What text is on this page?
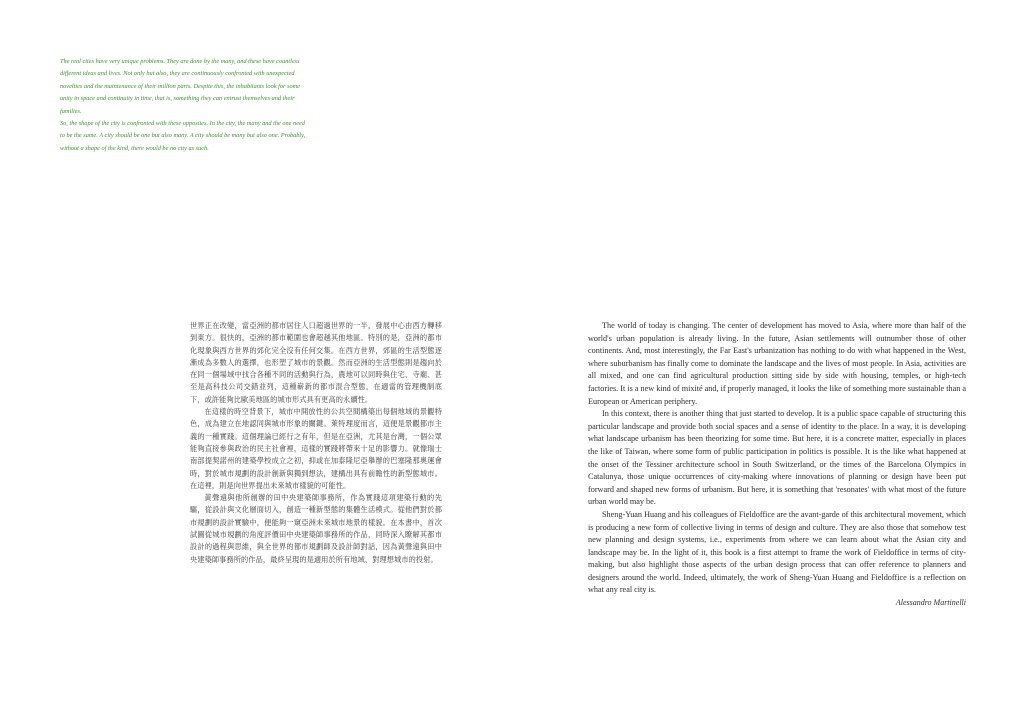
The real cites have very unique problems. They are done by the many, and these have countless different ideas and lives. Not only but also, they are continuously confronted with unexpected novelties and the maintenance of their million parts. Despite this, the inhabitants look for some unity in space and continuity in time, that is, something they can entrust themselves and their families.

So, the shape of the city is confronted with these opposites. In the city, the many and the one need to be the same. A city should be one but also many. A city should be many but also one. Probably, without a shape of the kind, there would be no city as such.

世界正在改變，當亞洲的都市居住人口超過世界的一半，發展中心由西方轉移到東方。很快的，亞洲的都市範圍也會超越其他地區。特別的是，亞洲的都市化現象與西方世界的郊化完全沒有任何交集。在西方世界，郊區的生活型態逐漸成為多數人的選擇，也形塑了城市的景觀。然而亞洲的生活型態則是趨向於在同一個場域中找合各種不同的活動與行為，農地可以同時與住宅、寺廟、甚至是高科技公司交錯並列，這種嶄新的都市混合型態，在適當的管理機制底下，或許能夠比歐美地區的城市形式具有更高的永續性。

在這樣的時空背景下，城市中開放性的公共空間構築出每個地域的景觀特色，成為建立在地認同與城市形象的關鍵。萊特理度而言，這便是景觀都市主義的一種實踐。這個理論已經行之有年，但是在亞洲，尤其是台灣，一個公眾能夠直接參與政治的民主社會裡，這樣的實踐將帶來十足的影響力。就像瑞士南部提契諾州的建築學校成立之初，抑或在加泰隆尼亞舉辦的巴塞隆那奧運會時，對於城市規劃的設計創新與獨到想法，建構出具有前瞻性的新型態城市。在這裡，則是向世界提出未來城市樣貌的可能性。

黃聲遠與他所創辦的田中央建築師事務所，作為實踐這項建築行動的先驅，從設計與文化層面切入，創造一種新型態的集體生活模式。從他們對於都市規劃的設計實驗中，便能夠一窺亞洲未來城市地景的樣貌。在本書中，首次試圖從城市規劃的角度評價田中央建築師事務所的作品，同時深入瞭解其都市設計的過程與思維，與全世界的都市規劃師及設計師對話，因為黃聲遠與田中央建築師事務所的作品，最終呈現的是適用於所有地域、對理想城市的投射。

The world of today is changing. The center of development has moved to Asia, where more than half of the world's urban population is already living. In the future, Asian settlements will outnumber those of other continents. And, most interestingly, the Far East's urbanization has nothing to do with what happened in the West, where suburbanism has finally come to dominate the landscape and the lives of most people. In Asia, activities are all mixed, and one can find agricultural production sitting side by side with housing, temples, or high-tech factories. It is a new kind of mixité and, if properly managed, it looks the like of something more sustainable than a European or American periphery.

In this context, there is another thing that just started to develop. It is a public space capable of structuring this particular landscape and provide both social spaces and a sense of identity to the place. In a way, it is developing what landscape urbanism has been theorizing for some time. But here, it is a concrete matter, especially in places the like of Taiwan, where some form of public participation in politics is possible. It is the like what happened at the onset of the Tessiner architecture school in South Switzerland, or the times of the Barcelona Olympics in Catalunya, those unique occurrences of city-making where innovations of planning or design have been put forward and shaped new forms of urbanism. But here, it is something that 'resonates' with what most of the future urban world may be.

Sheng-Yuan Huang and his colleagues of Fieldoffice are the avant-garde of this architectural movement, which is producing a new form of collective living in terms of design and culture. They are also those that somehow test new planning and design systems, i.e., experiments from where we can learn about what the Asian city and landscape may be. In the light of it, this book is a first attempt to frame the work of Fieldoffice in terms of city-making, but also highlight those aspects of the urban design process that can offer reference to planners and designers around the world. Indeed, ultimately, the work of Sheng-Yuan Huang and Fieldoffice is a reflection on what any real city is.

Alessandro Martinelli
